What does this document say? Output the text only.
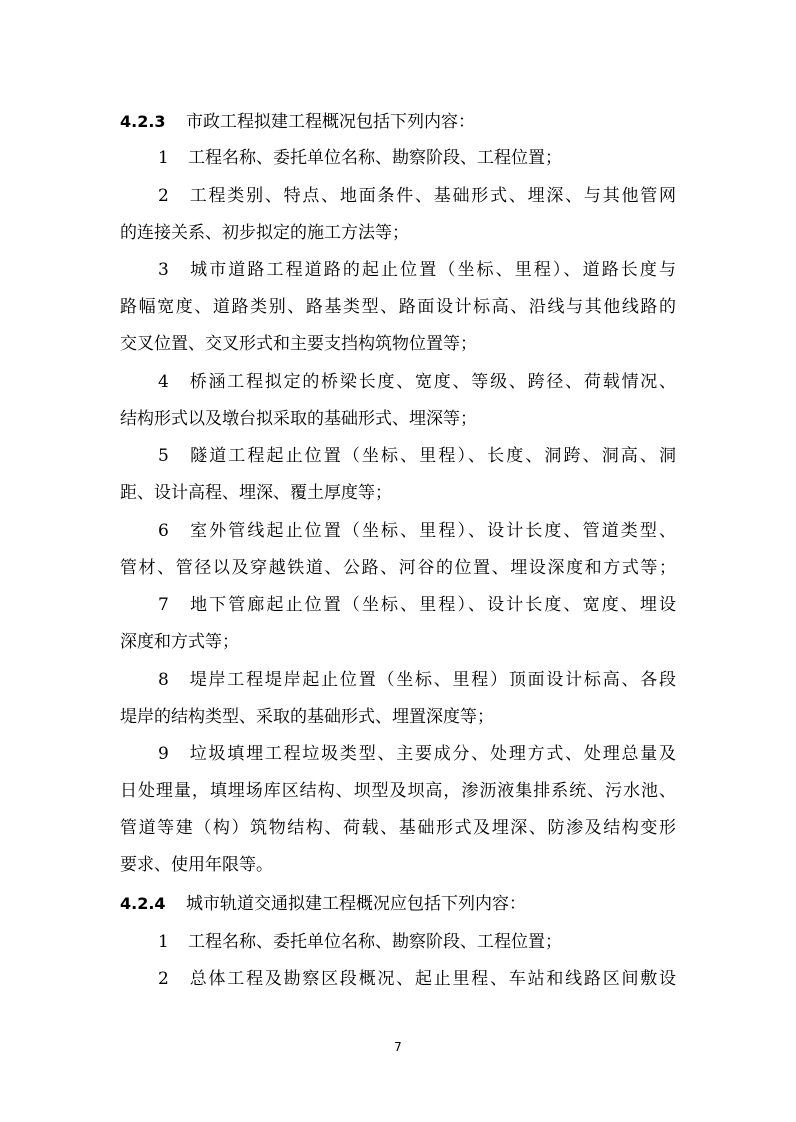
4.2.3 市政工程拟建工程概况包括下列内容：
1 工程名称、委托单位名称、勘察阶段、工程位置；
2 工程类别、特点、地面条件、基础形式、埋深、与其他管网
的连接关系、初步拟定的施工方法等；
3 城市道路工程道路的起止位置（坐标、里程）、道路长度与
路幅宽度、道路类别、路基类型、路面设计标高、沿线与其他线路的
交叉位置、交叉形式和主要支挡构筑物位置等；
4 桥涵工程拟定的桥梁长度、宽度、等级、跨径、荷载情况、
结构形式以及墩台拟采取的基础形式、埋深等；
5 隧道工程起止位置（坐标、里程）、长度、洞跨、洞高、洞
距、设计高程、埋深、覆土厚度等；
6 室外管线起止位置（坐标、里程）、设计长度、管道类型、
管材、管径以及穿越铁道、公路、河谷的位置、埋设深度和方式等；
7 地下管廊起止位置（坐标、里程）、设计长度、宽度、埋设
深度和方式等；
8 堤岸工程堤岸起止位置（坐标、里程）顶面设计标高、各段
堤岸的结构类型、采取的基础形式、埋置深度等；
9 垃圾填埋工程垃圾类型、主要成分、处理方式、处理总量及
日处理量，填埋场库区结构、坝型及坝高，渗沥液集排系统、污水池、
管道等建（构）筑物结构、荷载、基础形式及埋深、防渗及结构变形
要求、使用年限等。
4.2.4 城市轨道交通拟建工程概况应包括下列内容：
1 工程名称、委托单位名称、勘察阶段、工程位置；
2 总体工程及勘察区段概况、起止里程、车站和线路区间敷设
7
